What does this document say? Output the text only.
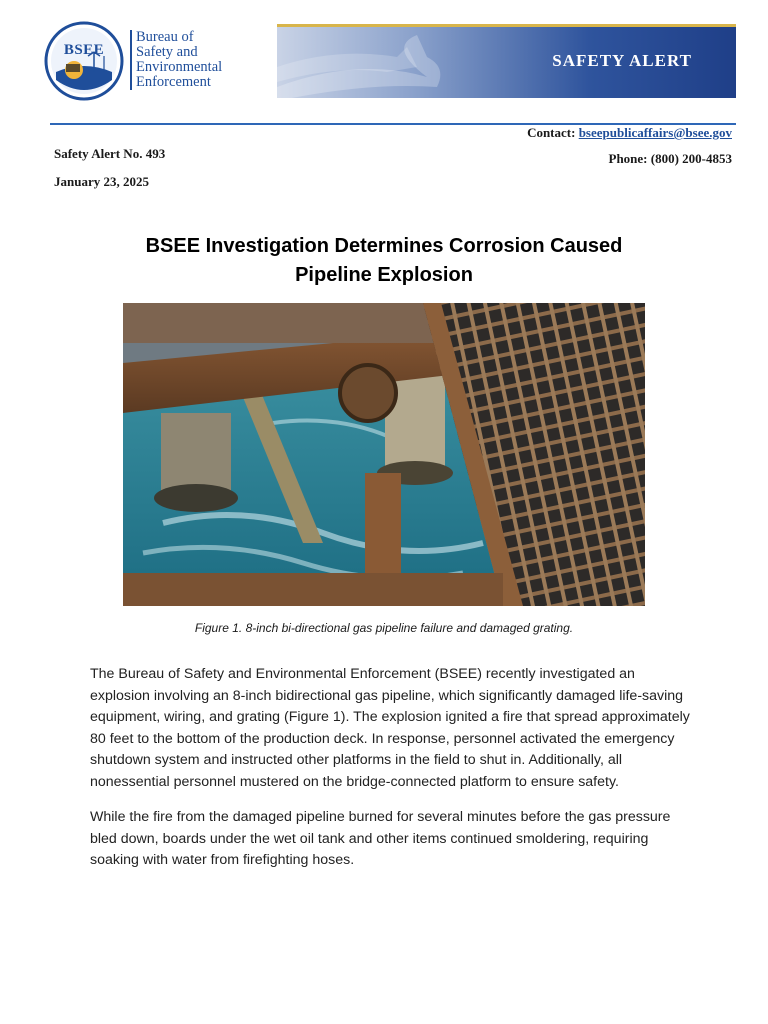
BSEE
Bureau of
Safety and
Environmental
Enforcement
SAFETY ALERT
Safety Alert No. 493
January 23, 2025
Contact: bseepublicaffairs@bsee.gov
Phone: (800) 200-4853
BSEE Investigation Determines Corrosion Caused
Pipeline Explosion
Figure 1. 8-inch bi-directional gas pipeline failure and damaged grating.

The Bureau of Safety and Environmental Enforcement (BSEE) recently investigated an explosion involving an 8-inch bidirectional gas pipeline, which significantly damaged life-saving equipment, wiring, and grating (Figure 1). The explosion ignited a fire that spread approximately 80 feet to the bottom of the production deck. In response, personnel activated the emergency shutdown system and instructed other platforms in the field to shut in. Additionally, all nonessential personnel mustered on the bridge-connected platform to ensure safety.

While the fire from the damaged pipeline burned for several minutes before the gas pressure bled down, boards under the wet oil tank and other items continued smoldering, requiring soaking with water from firefighting hoses.
